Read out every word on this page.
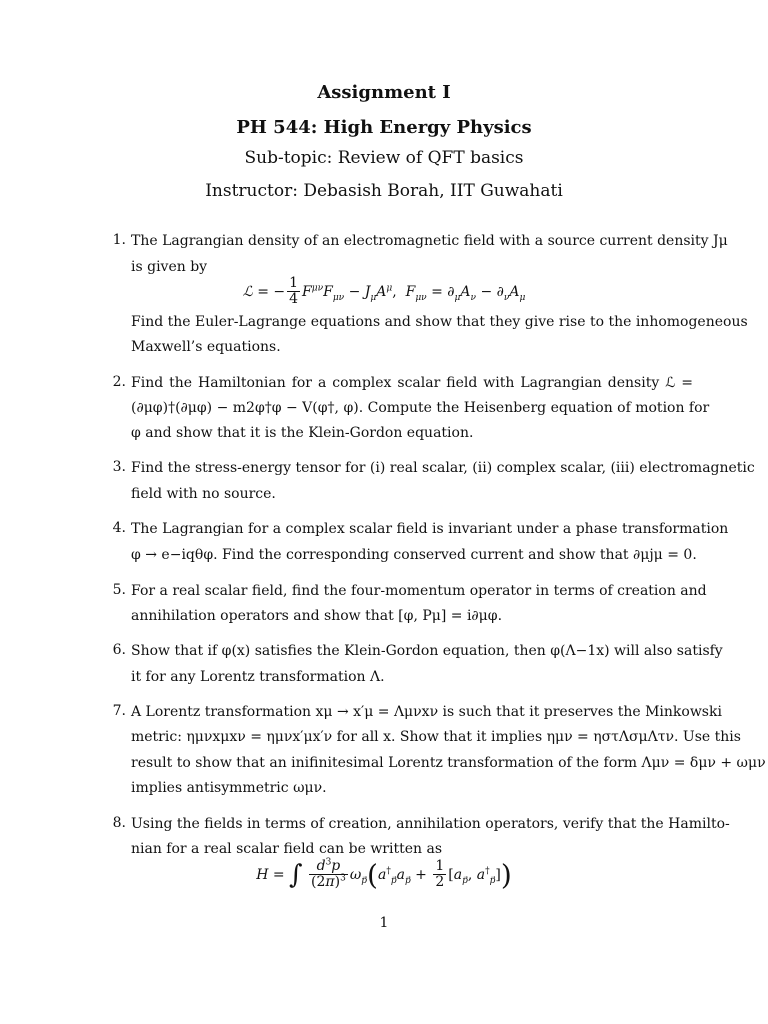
Assignment I
PH 544: High Energy Physics
Sub-topic: Review of QFT basics
Instructor: Debasish Borah, IIT Guwahati
1. The Lagrangian density of an electromagnetic field with a source current density Jμ
is given by
ℒ = − $\frac{1}{4} F^{\mu\nu}F_{\mu\nu} - J_\mu A^\mu$,  $F_{\mu\nu} = \partial_\mu A_\nu - \partial_\nu A_\mu$
Find the Euler-Lagrange equations and show that they give rise to the inhomogeneous
Maxwell’s equations.
2. Find the Hamiltonian for a complex scalar field with Lagrangian density ℒ =
(∂μφ)†(∂μφ) − m2φ†φ − V(φ†, φ). Compute the Heisenberg equation of motion for
φ and show that it is the Klein-Gordon equation.
3. Find the stress-energy tensor for (i) real scalar, (ii) complex scalar, (iii) electromagnetic
field with no source.
4. The Lagrangian for a complex scalar field is invariant under a phase transformation
φ → e−iqθφ. Find the corresponding conserved current and show that ∂μjμ = 0.
5. For a real scalar field, find the four-momentum operator in terms of creation and
annihilation operators and show that [φ, Pμ] = i∂μφ.
6. Show that if φ(x) satisfies the Klein-Gordon equation, then φ(Λ−1x) will also satisfy
it for any Lorentz transformation Λ.
7. A Lorentz transformation xμ → x′μ = Λμνxν is such that it preserves the Minkowski
metric: ημνxμxν = ημνx′μx′ν for all x. Show that it implies ημν = ηστΛσμΛτν. Use this
result to show that an inifinitesimal Lorentz transformation of the form Λμν = δμν + ωμν
implies antisymmetric ωμν.
8. Using the fields in terms of creation, annihilation operators, verify that the Hamilto-
nian for a real scalar field can be written as
H = ∫ $\frac{d^3p}{(2\pi)^3} \omega_p(a^\dagger_pa_p + \frac{1}{2} [a_p$, $a^\dagger_p$])
1
